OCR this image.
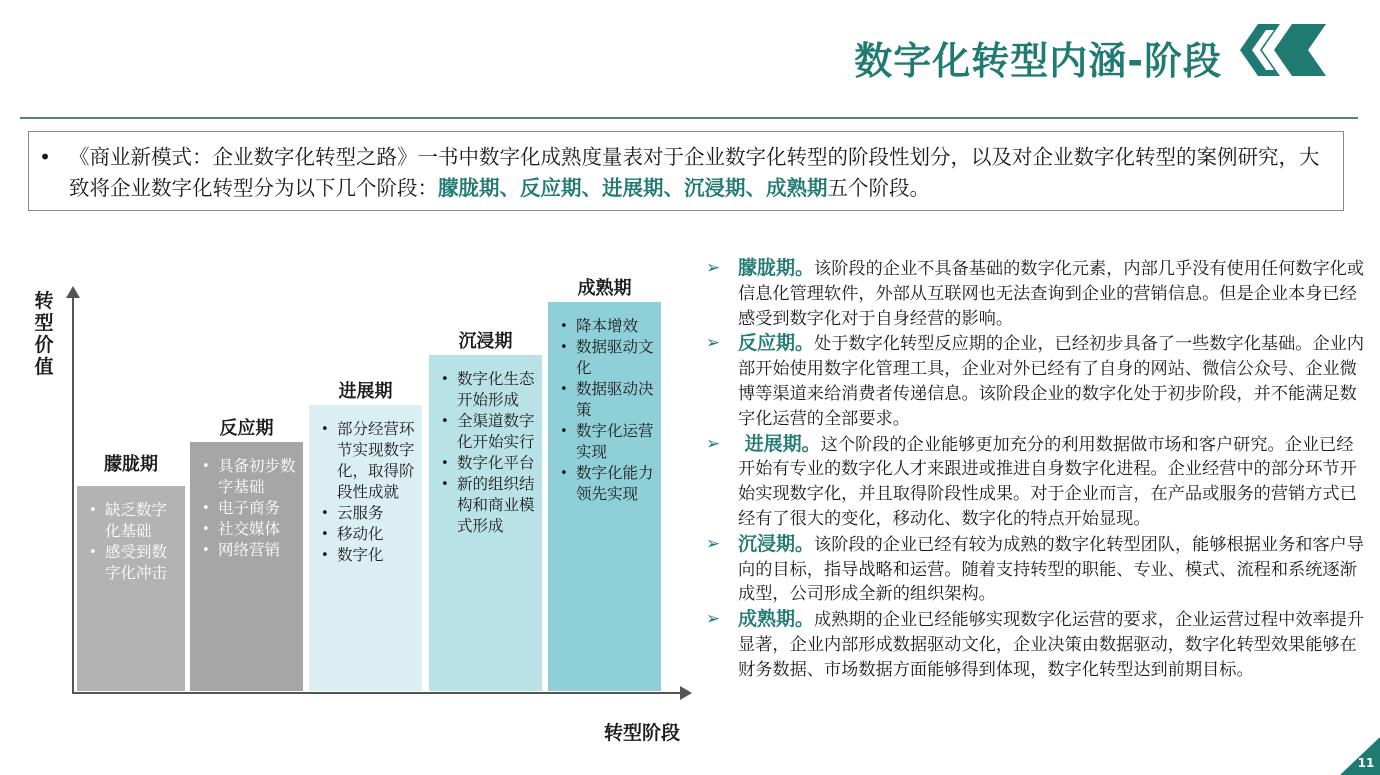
数字化转型内涵-阶段
• 《商业新模式：企业数字化转型之路》一书中数字化成熟度量表对于企业数字化转型的阶段性划分，以及对企业数字化转型的案例研究，大致将企业数字化转型分为以下几个阶段：朦胧期、反应期、进展期、沉浸期、成熟期五个阶段。
转型价值
转型阶段
朦胧期
• 缺乏数字化基础
• 感受到数字化冲击
反应期
• 具备初步数字基础
• 电子商务
• 社交媒体
• 网络营销
进展期
• 部分经营环节实现数字化，取得阶段性成就
• 云服务
• 移动化
• 数字化
沉浸期
• 数字化生态开始形成
• 全渠道数字化开始实行
• 数字化平台
• 新的组织结构和商业模式形成
成熟期
• 降本增效
• 数据驱动文化
• 数据驱动决策
• 数字化运营实现
• 数字化能力领先实现
➢ 朦胧期。该阶段的企业不具备基础的数字化元素，内部几乎没有使用任何数字化或信息化管理软件，外部从互联网也无法查询到企业的营销信息。但是企业本身已经感受到数字化对于自身经营的影响。
➢ 反应期。处于数字化转型反应期的企业，已经初步具备了一些数字化基础。企业内部开始使用数字化管理工具，企业对外已经有了自身的网站、微信公众号、企业微博等渠道来给消费者传递信息。该阶段企业的数字化处于初步阶段，并不能满足数字化运营的全部要求。
➢ 进展期。这个阶段的企业能够更加充分的利用数据做市场和客户研究。企业已经开始有专业的数字化人才来跟进或推进自身数字化进程。企业经营中的部分环节开始实现数字化，并且取得阶段性成果。对于企业而言，在产品或服务的营销方式已经有了很大的变化，移动化、数字化的特点开始显现。
➢ 沉浸期。该阶段的企业已经有较为成熟的数字化转型团队，能够根据业务和客户导向的目标，指导战略和运营。随着支持转型的职能、专业、模式、流程和系统逐渐成型，公司形成全新的组织架构。
➢ 成熟期。成熟期的企业已经能够实现数字化运营的要求，企业运营过程中效率提升显著，企业内部形成数据驱动文化，企业决策由数据驱动，数字化转型效果能够在财务数据、市场数据方面能够得到体现，数字化转型达到前期目标。
11
